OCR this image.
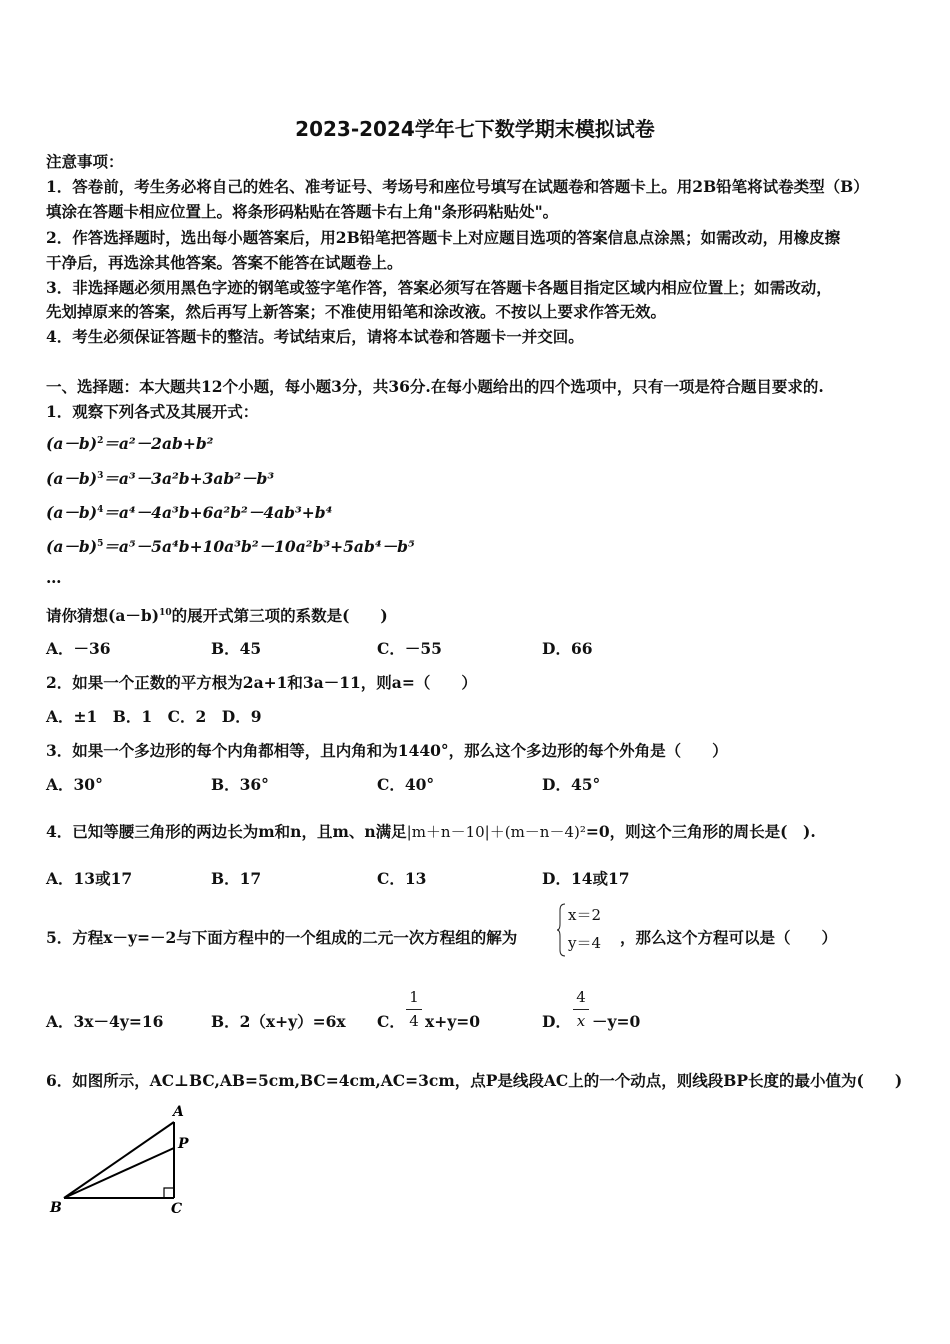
2023-2024学年七下数学期末模拟试卷

注意事项：

1．答卷前，考生务必将自己的姓名、准考证号、考场号和座位号填写在试题卷和答题卡上。用2B铅笔将试卷类型（B）

填涂在答题卡相应位置上。将条形码粘贴在答题卡右上角"条形码粘贴处"。

2．作答选择题时，选出每小题答案后，用2B铅笔把答题卡上对应题目选项的答案信息点涂黑；如需改动，用橡皮擦

干净后，再选涂其他答案。答案不能答在试题卷上。

3．非选择题必须用黑色字迹的钢笔或签字笔作答，答案必须写在答题卡各题目指定区域内相应位置上；如需改动，

先划掉原来的答案，然后再写上新答案；不准使用铅笔和涂改液。不按以上要求作答无效。

4．考生必须保证答题卡的整洁。考试结束后，请将本试卷和答题卡一并交回。

一、选择题：本大题共12个小题，每小题3分，共36分.在每小题给出的四个选项中，只有一项是符合题目要求的.

1．观察下列各式及其展开式：

$(a-b)^2=a^2-2ab+b^2$

$(a-b)^3=a^3-3a^2b+3ab^2-b^3$

$(a-b)^4=a^4-4a^3b+6a^2b^2-4ab^3+b^4$

$(a-b)^5=a^5-5a^4b+10a^3b^2-10a^2b^3+5ab^4-b^5$

…

请你猜想$(a-b)^{10}$的展开式第三项的系数是(　　)

A．－36	B．45	C．－55	D．66

2．如果一个正数的平方根为2a+1和3a－11，则a=（　　）

A．±1　B．1　C．2　D．9

3．如果一个多边形的每个内角都相等，且内角和为1440°，那么这个多边形的每个外角是（　　）

A．30°	B．36°	C．40°	D．45°

4．已知等腰三角形的两边长为m和n，且m、n满足|m＋n－10|＋(m－n－4)²=0，则这个三角形的周长是(　).

A．13或17	B．17	C．13	D．14或17

5．方程x－y=－2与下面方程中的一个组成的二元一次方程组的解为

x＝2
y＝4 ，那么这个方程可以是（　　）

A．3x－4y=16	B．2（x+y）=6x C．
1
4 x+y=0	D．
4
x －y=0

6．如图所示，AC⊥BC,AB=5cm,BC=4cm,AC=3cm，点P是线段AC上的一个动点，则线段BP长度的最小值为(　　)

A
P
B	C
